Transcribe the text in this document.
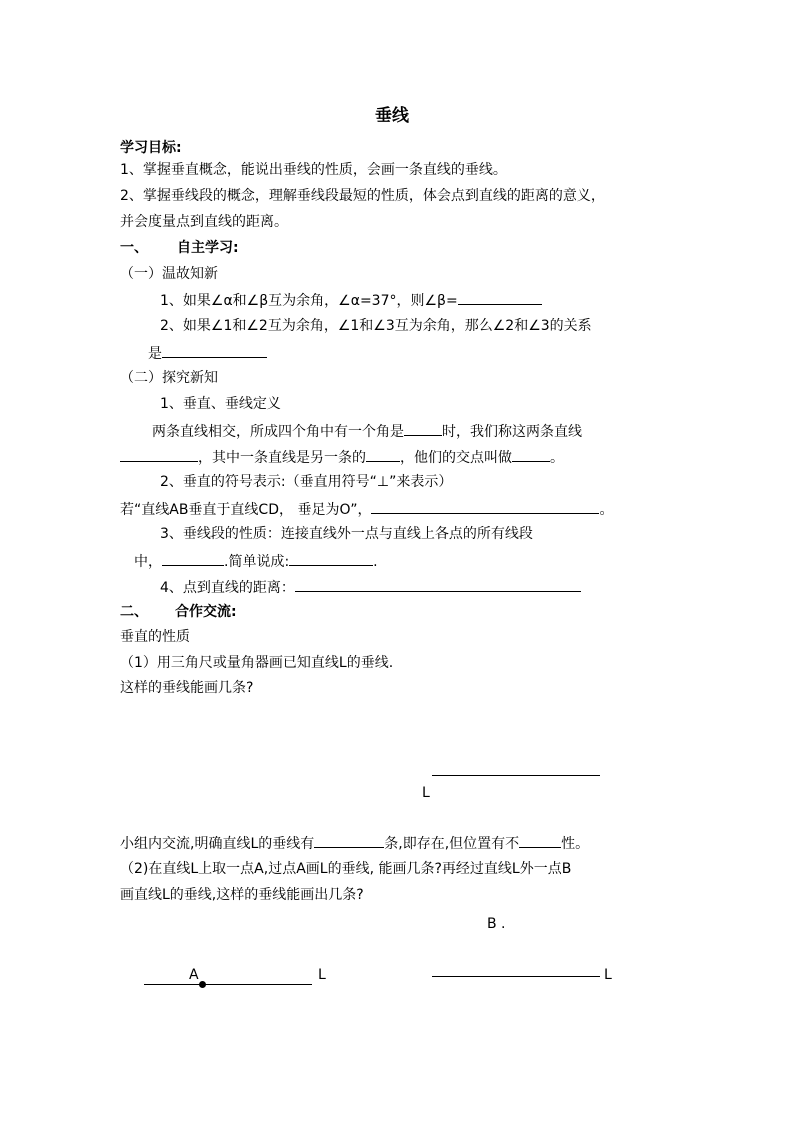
垂线
学习目标:
1、掌握垂直概念，能说出垂线的性质，会画一条直线的垂线。
2、掌握垂线段的概念，理解垂线段最短的性质，体会点到直线的距离的意义，
并会度量点到直线的距离。
一、 自主学习:
（一）温故知新
1、如果∠α和∠β互为余角，∠α=37°，则∠β=
2、如果∠1和∠2互为余角，∠1和∠3互为余角，那么∠2和∠3的关系
是
（二）探究新知
1、垂直、垂线定义
两条直线相交，所成四个角中有一个角是	时，我们称这两条直线
，其中一条直线是另一条的 ，他们的交点叫做	。
2、垂直的符号表示:（垂直用符号“⊥”来表示）
若“直线AB垂直于直线CD， 垂足为O”，	。
3、垂线段的性质：连接直线外一点与直线上各点的所有线段
中，	.简单说成:	.
4、点到直线的距离：
二、 合作交流:
垂直的性质
（1）用三角尺或量角器画已知直线L的垂线.
这样的垂线能画几条?
L
小组内交流,明确直线L的垂线有	条,即存在,但位置有不	性。
（2)在直线L上取一点A,过点A画L的垂线, 能画几条?再经过直线L外一点B
画直线L的垂线,这样的垂线能画出几条?
B .
A	L	L
